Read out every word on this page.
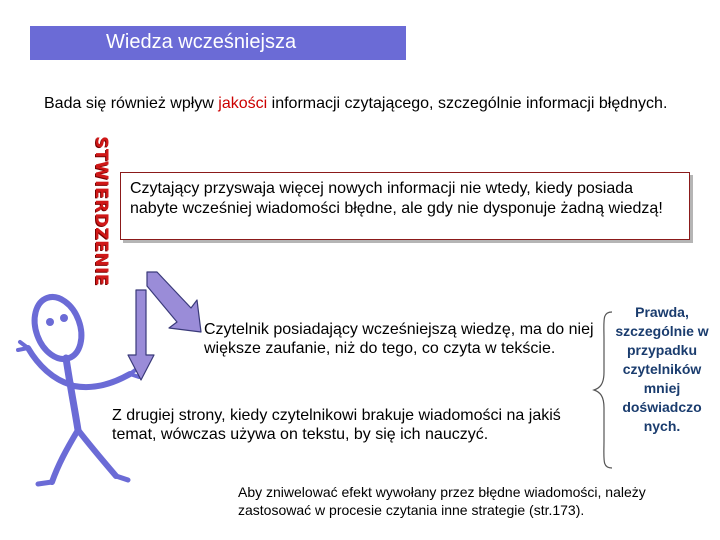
Wiedza wcześniejsza
Bada się również wpływ jakości informacji czytającego, szczególnie informacji błędnych.
STWIERDZENIE Czytający przyswaja więcej nowych informacji nie wtedy, kiedy posiada nabyte wcześniej wiadomości błędne, ale gdy nie dysponuje żadną wiedzą!
Czytelnik posiadający wcześniejszą wiedzę, ma do niej większe zaufanie, niż do tego, co czyta w tekście.
Z drugiej strony, kiedy czytelnikowi brakuje wiadomości na jakiś temat, wówczas używa on tekstu, by się ich nauczyć.
Prawda, szczególnie w przypadku czytelników mniej doświadczo nych.
Aby zniwelować efekt wywołany przez błędne wiadomości, należy zastosować w procesie czytania inne strategie (str.173).
